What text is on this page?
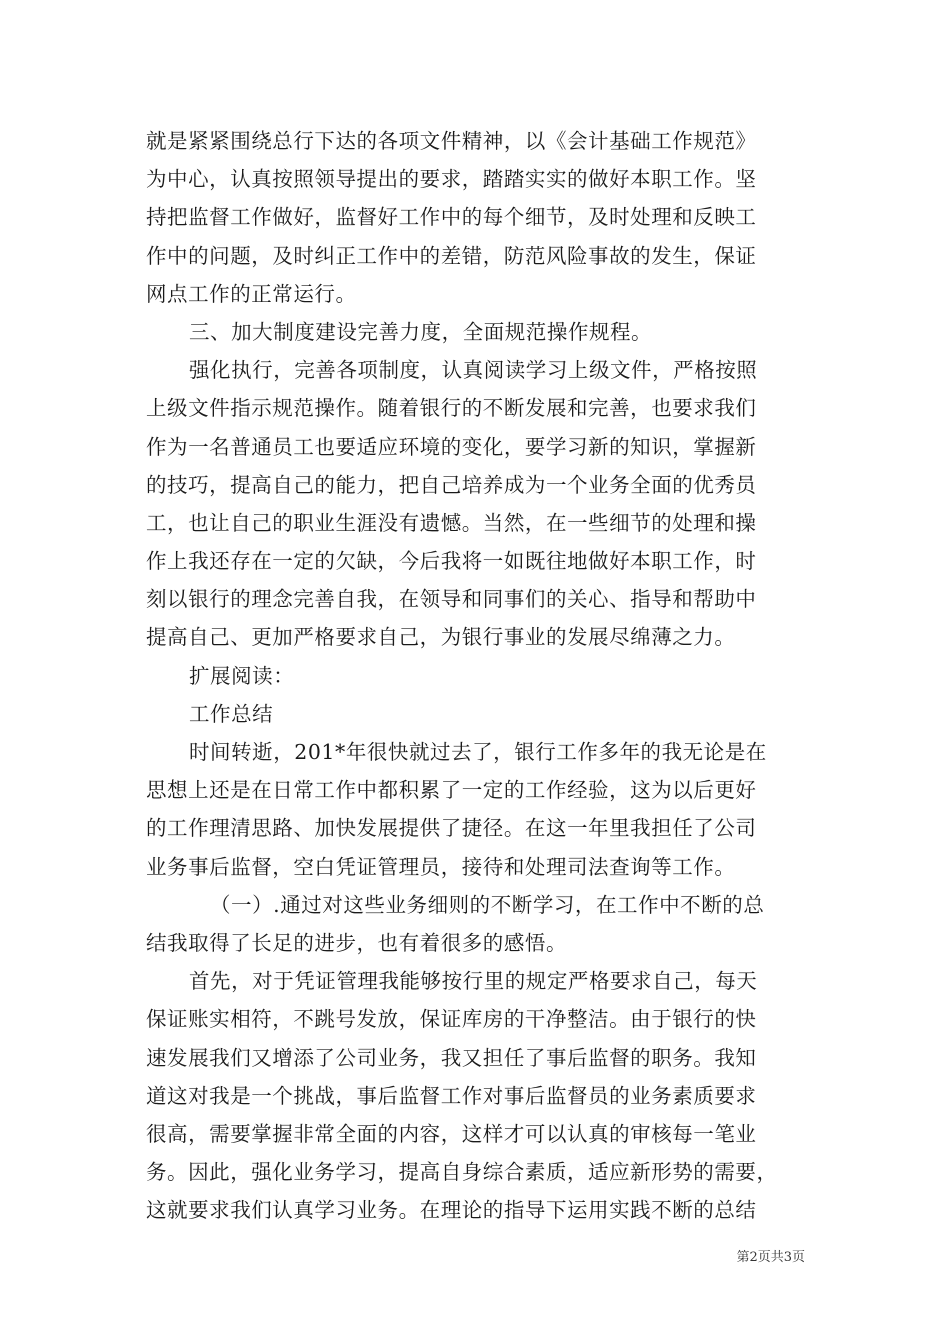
就是紧紧围绕总行下达的各项文件精神，以《会计基础工作规范》
为中心，认真按照领导提出的要求，踏踏实实的做好本职工作。坚
持把监督工作做好，监督好工作中的每个细节，及时处理和反映工
作中的问题，及时纠正工作中的差错，防范风险事故的发生，保证
网点工作的正常运行。
三、加大制度建设完善力度，全面规范操作规程。
强化执行，完善各项制度，认真阅读学习上级文件，严格按照
上级文件指示规范操作。随着银行的不断发展和完善，也要求我们
作为一名普通员工也要适应环境的变化，要学习新的知识，掌握新
的技巧，提高自己的能力，把自己培养成为一个业务全面的优秀员
工，也让自己的职业生涯没有遗憾。当然，在一些细节的处理和操
作上我还存在一定的欠缺，今后我将一如既往地做好本职工作，时
刻以银行的理念完善自我，在领导和同事们的关心、指导和帮助中
提高自己、更加严格要求自己，为银行事业的发展尽绵薄之力。
扩展阅读：
工作总结
时间转逝，201*年很快就过去了，银行工作多年的我无论是在
思想上还是在日常工作中都积累了一定的工作经验，这为以后更好
的工作理清思路、加快发展提供了捷径。在这一年里我担任了公司
业务事后监督，空白凭证管理员，接待和处理司法查询等工作。
（一）.通过对这些业务细则的不断学习，在工作中不断的总
结我取得了长足的进步，也有着很多的感悟。
首先，对于凭证管理我能够按行里的规定严格要求自己，每天
保证账实相符，不跳号发放，保证库房的干净整洁。由于银行的快
速发展我们又增添了公司业务，我又担任了事后监督的职务。我知
道这对我是一个挑战，事后监督工作对事后监督员的业务素质要求
很高，需要掌握非常全面的内容，这样才可以认真的审核每一笔业
务。因此，强化业务学习，提高自身综合素质，适应新形势的需要，
这就要求我们认真学习业务。在理论的指导下运用实践不断的总结
第2页共3页
